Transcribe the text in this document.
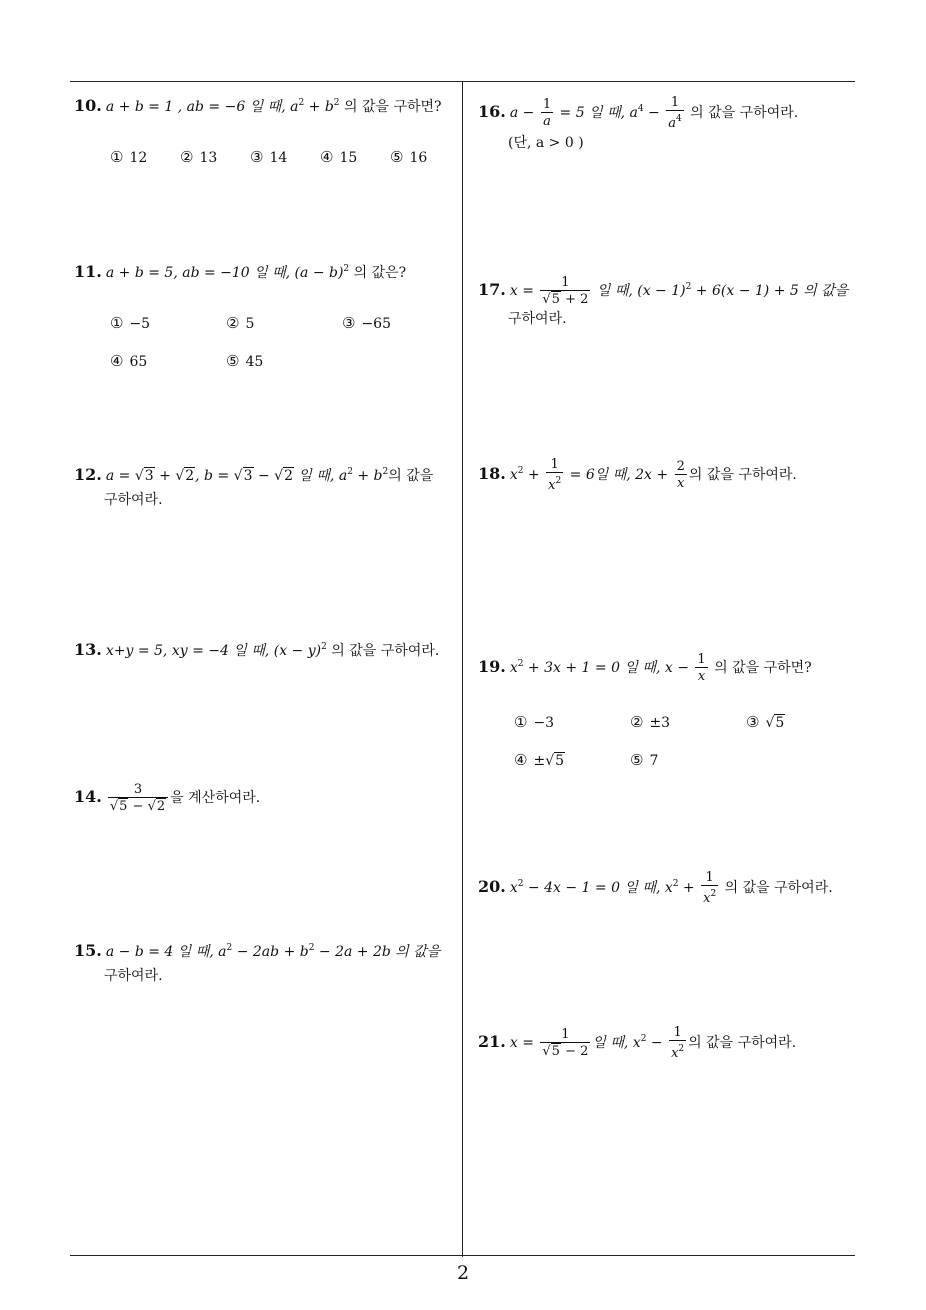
10. a + b = 1 , ab = −6 일 때, $a^2 + b^2$ 의 값을 구하면?
① 12 ② 13 ③ 14 ④ 15 ⑤ 16
11. a + b = 5, ab = −10 일 때, $(a - b)^2$ 의 값은?
① −5	② 5	③ −65
④ 65	⑤ 45
12. a = √3 + √2, b = √3 − √2 일 때, $a^2 + b^2$의 값을
구하여라.
13. x+y = 5, xy = −4 일 때, $(x - y)^2$ 의 값을 구하여라.
14. $\frac{3}{√5 - √2}$ 을 계산하여라.
15. a − b = 4 일 때, $a^2 - 2ab + b^2 - 2a + 2b$ 의 값을
구하여라.
16. $a - \frac{1}{a} = 5$ 일 때, $a^4 - \frac{1}{a^4}$ 의 값을 구하여라.
(단, a > 0 )
17. $x = \frac{1}{√5 + 2}$ 일 때, $(x - 1)^2 + 6(x - 1) + 5$ 의 값을
구하여라.
18. $x^2 + \frac{1}{x^2} = 6$일 때, $2x + \frac{2}{x}$ 의 값을 구하여라.
19. $x^2 + 3x + 1 = 0$ 일 때, $x - \frac{1}{x}$ 의 값을 구하면?
① −3	② ±3	③ √5
④ ±√5	⑤ 7
20. $x^2 - 4x - 1 = 0$ 일 때, $x^2 + \frac{1}{x^2}$ 의 값을 구하여라.
21. $x = \frac{1}{√5 - 2}$ 일 때, $x^2 - \frac{1}{x^2}$ 의 값을 구하여라.
2
